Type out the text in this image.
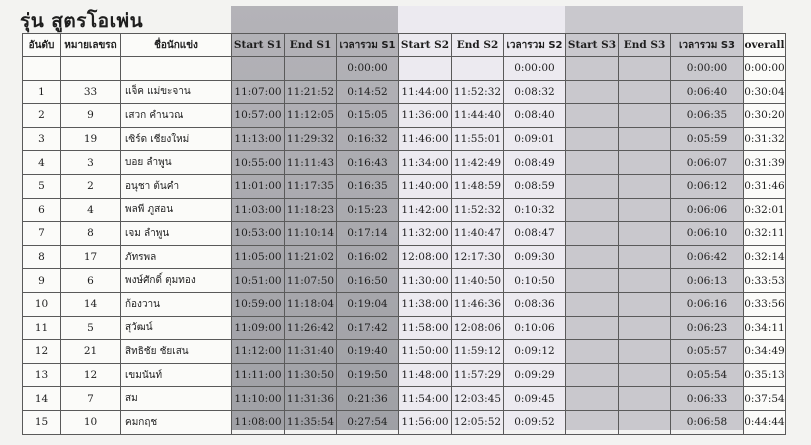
อันดับ	หมายเลขรถ	ชื่อนักแข่ง	Start S1	End S1	เวลารวม S1	Start S2	End S2	เวลารวม S2	Start S3	End S3	เวลารวม S3	overall
					0:00:00			0:00:00			0:00:00	0:00:00
1	33	แจ็ค แม่ขะจาน	11:07:00	11:21:52	0:14:52	11:44:00	11:52:32	0:08:32			0:06:40	0:30:04
2	9	เสวก คำนวณ	10:57:00	11:12:05	0:15:05	11:36:00	11:44:40	0:08:40			0:06:35	0:30:20
3	19	เซิร์ด เชียงใหม่	11:13:00	11:29:32	0:16:32	11:46:00	11:55:01	0:09:01			0:05:59	0:31:32
4	3	บอย ลำพูน	10:55:00	11:11:43	0:16:43	11:34:00	11:42:49	0:08:49			0:06:07	0:31:39
5	2	อนุชา ต้นคำ	11:01:00	11:17:35	0:16:35	11:40:00	11:48:59	0:08:59			0:06:12	0:31:46
6	4	พลพี ภูสอน	11:03:00	11:18:23	0:15:23	11:42:00	11:52:32	0:10:32			0:06:06	0:32:01
7	8	เจม ลำพูน	10:53:00	11:10:14	0:17:14	11:32:00	11:40:47	0:08:47			0:06:10	0:32:11
8	17	ภัทรพล	11:05:00	11:21:02	0:16:02	12:08:00	12:17:30	0:09:30			0:06:42	0:32:14
9	6	พงษ์ศักดิ์ ตุมทอง	10:51:00	11:07:50	0:16:50	11:30:00	11:40:50	0:10:50			0:06:13	0:33:53
10	14	ก้องวาน	10:59:00	11:18:04	0:19:04	11:38:00	11:46:36	0:08:36			0:06:16	0:33:56
11	5	สุวัฒน์	11:09:00	11:26:42	0:17:42	11:58:00	12:08:06	0:10:06			0:06:23	0:34:11
12	21	สิทธิชัย ชัยเสน	11:12:00	11:31:40	0:19:40	11:50:00	11:59:12	0:09:12			0:05:57	0:34:49
13	12	เขมนันท์	11:11:00	11:30:50	0:19:50	11:48:00	11:57:29	0:09:29			0:05:54	0:35:13
14	7	สม	11:10:00	11:31:36	0:21:36	11:54:00	12:03:45	0:09:45			0:06:33	0:37:54
15	10	คมกฤช	11:08:00	11:35:54	0:27:54	11:56:00	12:05:52	0:09:52			0:06:58	0:44:44
รุ่น สูตรโอเพ่น
